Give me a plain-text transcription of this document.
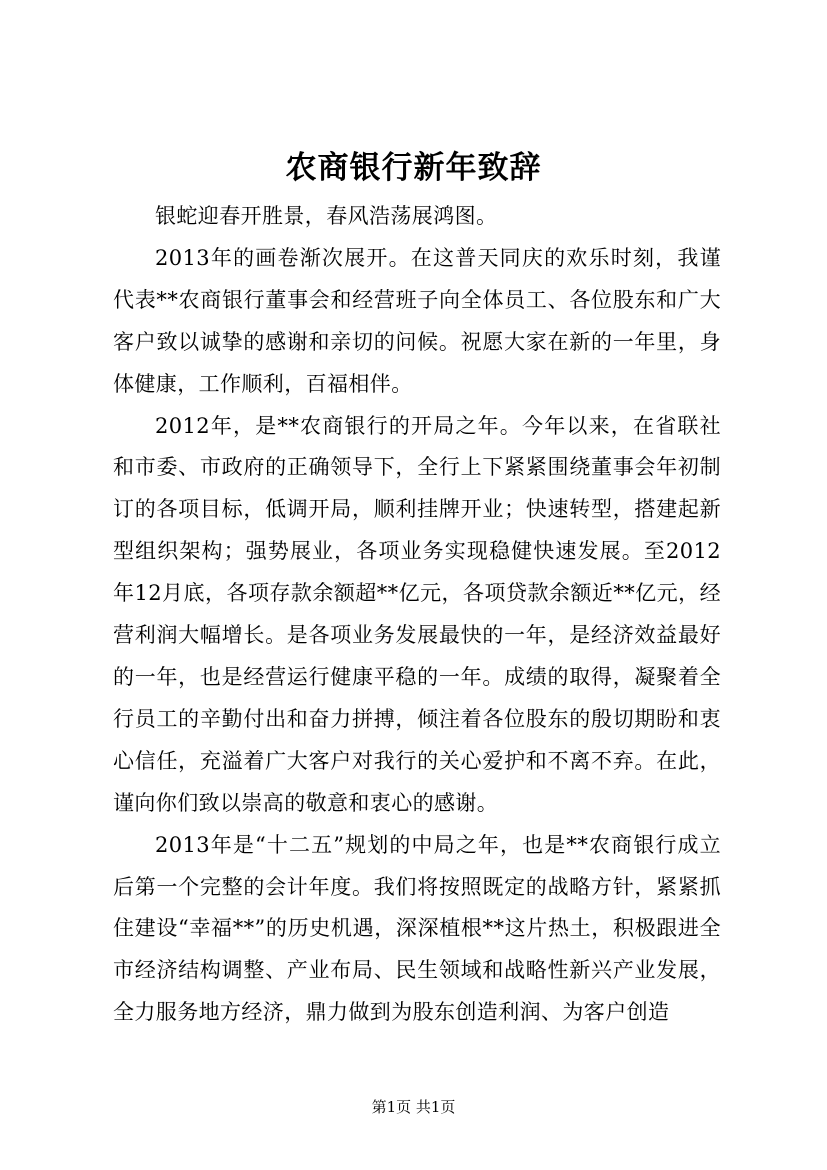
农商银行新年致辞

银蛇迎春开胜景，春风浩荡展鸿图。

2013年的画卷渐次展开。在这普天同庆的欢乐时刻，我谨代表**农商银行董事会和经营班子向全体员工、各位股东和广大客户致以诚挚的感谢和亲切的问候。祝愿大家在新的一年里，身体健康，工作顺利，百福相伴。

2012年，是**农商银行的开局之年。今年以来，在省联社和市委、市政府的正确领导下，全行上下紧紧围绕董事会年初制订的各项目标，低调开局，顺利挂牌开业；快速转型，搭建起新型组织架构；强势展业，各项业务实现稳健快速发展。至2012年12月底，各项存款余额超**亿元，各项贷款余额近**亿元，经营利润大幅增长。是各项业务发展最快的一年，是经济效益最好的一年，也是经营运行健康平稳的一年。成绩的取得，凝聚着全行员工的辛勤付出和奋力拼搏，倾注着各位股东的殷切期盼和衷心信任，充溢着广大客户对我行的关心爱护和不离不弃。在此，谨向你们致以崇高的敬意和衷心的感谢。

2013年是“十二五”规划的中局之年，也是**农商银行成立后第一个完整的会计年度。我们将按照既定的战略方针，紧紧抓住建设“幸福**”的历史机遇，深深植根**这片热土，积极跟进全市经济结构调整、产业布局、民生领域和战略性新兴产业发展，全力服务地方经济，鼎力做到为股东创造利润、为客户创造

第1页 共1页
